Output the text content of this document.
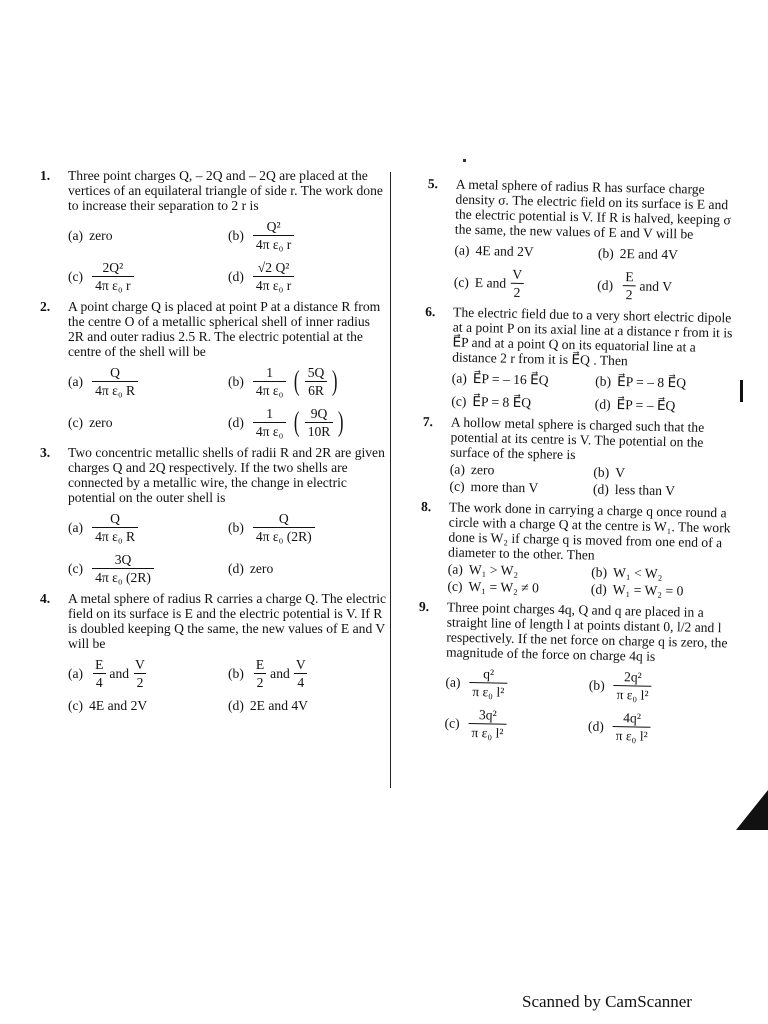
1.	Three point charges Q, – 2Q and – 2Q are placed at the vertices of an equilateral triangle of side r. The work done to increase their separation to 2 r is
(a) zero	$(b) \frac{\text{Q²}}{\text{4π ε₀ r}}$
$(c) \frac{\text{2Q²}}{\text{4π ε₀ r}}$	$(d) \frac{\text{√2 Q²}}{\text{4π ε₀ r}}$
2.	A point charge Q is placed at point P at a distance R from the centre O of a metallic spherical shell of inner radius 2R and outer radius 2.5 R. The electric potential at the centre of the shell will be
$(a) \frac{Q}{\text{4π ε₀ R}}$	$(b) \frac{1}{\text{4π ε₀}}$ ( $\frac{5Q}{6R}$ )
(c) zero	$(d) \frac{1}{\text{4π ε₀}}$ ( $\frac{9Q}{10R}$ )
3.	Two concentric metallic shells of radii R and 2R are given charges Q and 2Q respectively. If the two shells are connected by a metallic wire, the change in electric potential on the outer shell is
$(a) \frac{Q}{\text{4π ε₀ R}}$	$(b) \frac{Q}{\text{4π ε₀ (2R)}}$
$(c) \frac{3Q}{\text{4π ε₀ (2R)}}$	(d) zero
4.	A metal sphere of radius R carries a charge Q. The electric field on its surface is E and the electric potential is V. If R is doubled keeping Q the same, the new values of E and V will be
$(a) \frac{E}{4}$ and $\frac{V}{2}$	$(b) \frac{E}{2}$ and $\frac{V}{4}$
(c) 4E and 2V	(d) 2E and 4V
5.	A metal sphere of radius R has surface charge density σ. The electric field on its surface is E and the electric potential is V. If R is halved, keeping σ the same, the new values of E and V will be
(a) 4E and 2V	(b) 2E and 4V
(c) E and $\frac{V}{2}$	$(d) \frac{E}{2}$ and V
6.	The electric field due to a very short electric dipole at a point P on its axial line at a distance r from it is E⃗P and at a point Q on its equatorial line at a distance 2 r from it is E⃗Q . Then
(a) E⃗P = – 16 E⃗Q	(b) E⃗P = – 8 E⃗Q
(c) E⃗P = 8 E⃗Q	(d) E⃗P = – E⃗Q
7.	A hollow metal sphere is charged such that the potential at its centre is V. The potential on the surface of the sphere is
(a) zero	(b) V
(c) more than V	(d) less than V
8.	The work done in carrying a charge q once round a circle with a charge Q at the centre is W₁. The work done is W₂ if charge q is moved from one end of a diameter to the other. Then
(a) W₁ > W₂	(b) W₁ < W₂
(c) W₁ = W₂ ≠ 0	(d) W₁ = W₂ = 0
9.	Three point charges 4q, Q and q are placed in a straight line of length l at points distant 0, l/2 and l respectively. If the net force on charge q is zero, the magnitude of the force on charge 4q is
$(a) \frac{\text{q²}}{\text{π ε₀ l²}}$	$(b) \frac{\text{2q²}}{\text{π ε₀ l²}}$
$(c) \frac{\text{3q²}}{\text{π ε₀ l²}}$	$(d) \frac{\text{4q²}}{\text{π ε₀ l²}}$
Scanned by CamScanner
